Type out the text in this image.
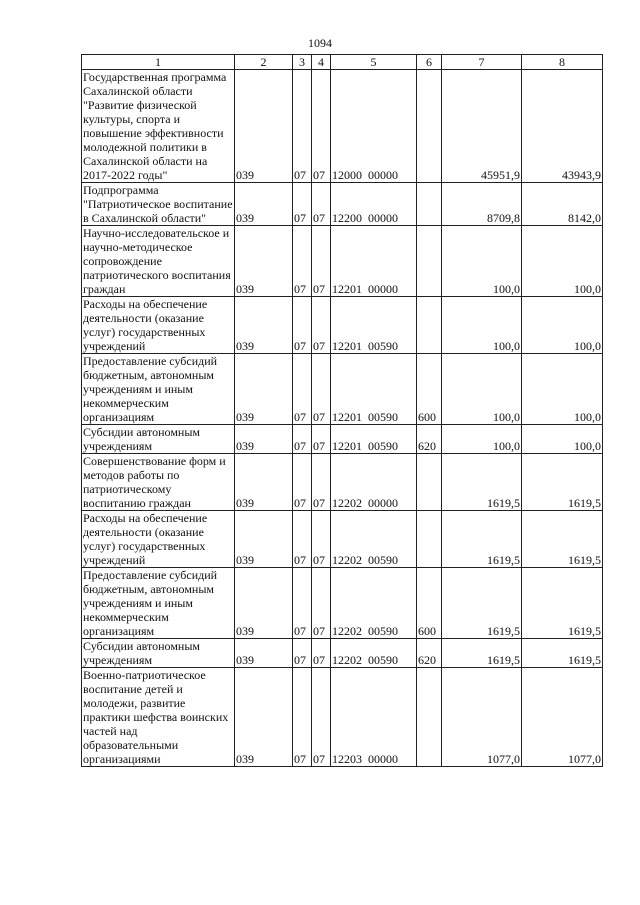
1094
1	2	3	4	5	6	7	8
Государственная программа Сахалинской области "Развитие физической культуры, спорта и повышение эффективности молодежной политики в Сахалинской области на 2017-2022 годы"	039	07	07	12000  00000		45951,9	43943,9
Подпрограмма "Патриотическое воспитание в Сахалинской области"	039	07	07	12200  00000		8709,8	8142,0
Научно-исследовательское и научно-методическое сопровождение патриотического воспитания граждан	039	07	07	12201  00000		100,0	100,0
Расходы на обеспечение деятельности (оказание услуг) государственных учреждений	039	07	07	12201  00590		100,0	100,0
Предоставление субсидий бюджетным, автономным учреждениям и иным некоммерческим организациям	039	07	07	12201  00590	600	100,0	100,0
Субсидии автономным учреждениям	039	07	07	12201  00590	620	100,0	100,0
Совершенствование форм и методов работы по патриотическому воспитанию граждан	039	07	07	12202  00000		1619,5	1619,5
Расходы на обеспечение деятельности (оказание услуг) государственных учреждений	039	07	07	12202  00590		1619,5	1619,5
Предоставление субсидий бюджетным, автономным учреждениям и иным некоммерческим организациям	039	07	07	12202  00590	600	1619,5	1619,5
Субсидии автономным учреждениям	039	07	07	12202  00590	620	1619,5	1619,5
Военно-патриотическое воспитание детей и молодежи, развитие практики шефства воинских частей над образовательными организациями	039	07	07	12203  00000		1077,0	1077,0
